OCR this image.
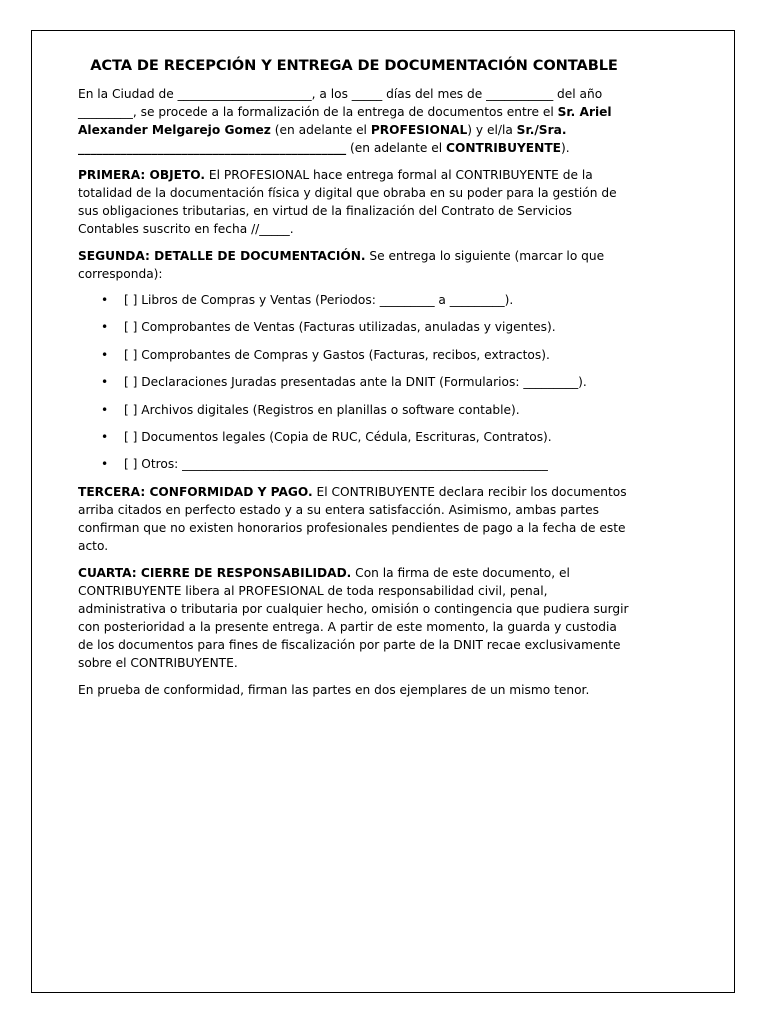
ACTA DE RECEPCIÓN Y ENTREGA DE DOCUMENTACIÓN CONTABLE

En la Ciudad de ______________________, a los _____ días del mes de ___________ del año _________, se procede a la formalización de la entrega de documentos entre el Sr. Ariel Alexander Melgarejo Gomez (en adelante el PROFESIONAL) y el/la Sr./Sra. ____________________________________________ (en adelante el CONTRIBUYENTE).

PRIMERA: OBJETO. El PROFESIONAL hace entrega formal al CONTRIBUYENTE de la totalidad de la documentación física y digital que obraba en su poder para la gestión de sus obligaciones tributarias, en virtud de la finalización del Contrato de Servicios Contables suscrito en fecha //_____.

SEGUNDA: DETALLE DE DOCUMENTACIÓN. Se entrega lo siguiente (marcar lo que corresponda):

• [ ] Libros de Compras y Ventas (Periodos: _________ a _________).
• [ ] Comprobantes de Ventas (Facturas utilizadas, anuladas y vigentes).
• [ ] Comprobantes de Compras y Gastos (Facturas, recibos, extractos).
• [ ] Declaraciones Juradas presentadas ante la DNIT (Formularios: _________).
• [ ] Archivos digitales (Registros en planillas o software contable).
• [ ] Documentos legales (Copia de RUC, Cédula, Escrituras, Contratos).
• [ ] Otros: ____________________________________________________________

TERCERA: CONFORMIDAD Y PAGO. El CONTRIBUYENTE declara recibir los documentos arriba citados en perfecto estado y a su entera satisfacción. Asimismo, ambas partes confirman que no existen honorarios profesionales pendientes de pago a la fecha de este acto.

CUARTA: CIERRE DE RESPONSABILIDAD. Con la firma de este documento, el CONTRIBUYENTE libera al PROFESIONAL de toda responsabilidad civil, penal, administrativa o tributaria por cualquier hecho, omisión o contingencia que pudiera surgir con posterioridad a la presente entrega. A partir de este momento, la guarda y custodia de los documentos para fines de fiscalización por parte de la DNIT recae exclusivamente sobre el CONTRIBUYENTE.

En prueba de conformidad, firman las partes en dos ejemplares de un mismo tenor.
